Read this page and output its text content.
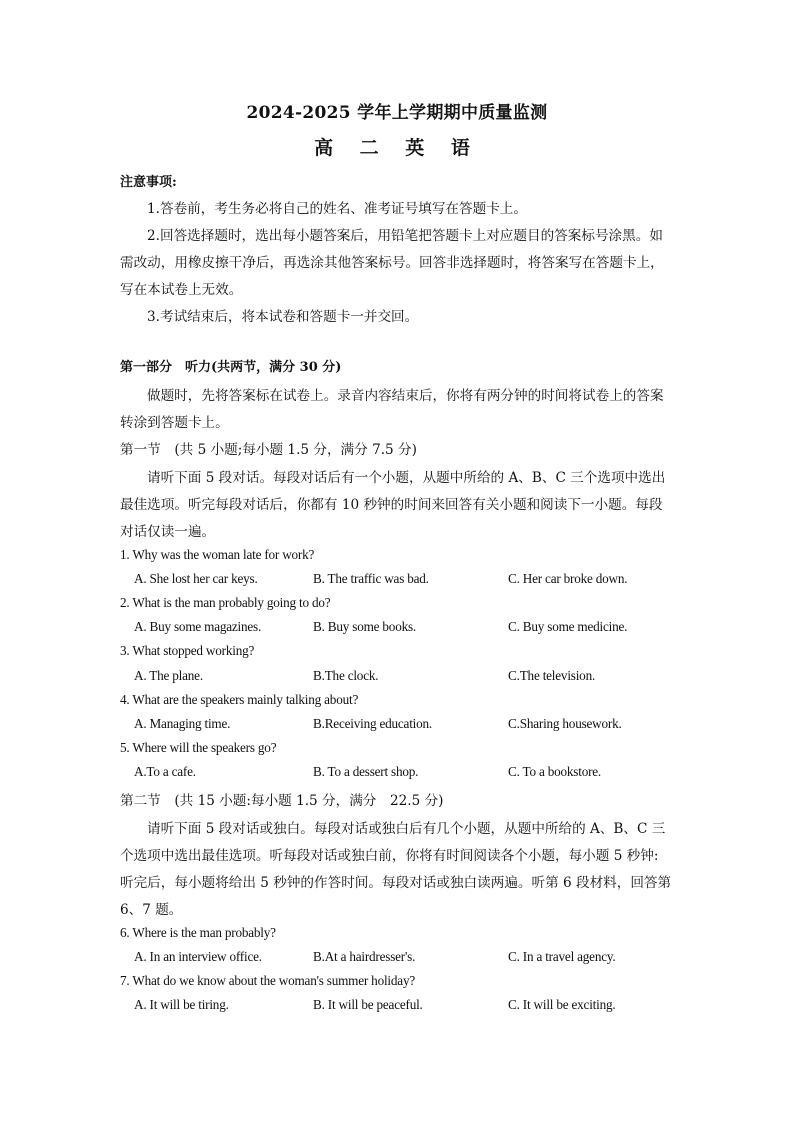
2024-2025 学年上学期期中质量监测
高 二 英 语
注意事项:
1.答卷前，考生务必将自己的姓名、准考证号填写在答题卡上。
2.回答选择题时，选出每小题答案后，用铅笔把答题卡上对应题目的答案标号涂黑。如
需改动，用橡皮擦干净后，再选涂其他答案标号。回答非选择题时，将答案写在答题卡上，
写在本试卷上无效。
3.考试结束后，将本试卷和答题卡一并交回。
第一部分　听力(共两节，满分 30 分)
做题时，先将答案标在试卷上。录音内容结束后，你将有两分钟的时间将试卷上的答案
转涂到答题卡上。
第一节　(共 5 小题;每小题 1.5 分，满分 7.5 分)
请听下面 5 段对话。每段对话后有一个小题，从题中所给的 A、B、C 三个选项中选出
最佳选项。听完每段对话后，你都有 10 秒钟的时间来回答有关小题和阅读下一小题。每段
对话仅读一遍。
1. Why was the woman late for work?
A. She lost her car keys.	B. The traffic was bad.	C. Her car broke down.
2. What is the man probably going to do?
A. Buy some magazines.	B. Buy some books.	C. Buy some medicine.
3. What stopped working?
A. The plane.	B.The clock.	C.The television.
4. What are the speakers mainly talking about?
A. Managing time.	B.Receiving education.	C.Sharing housework.
5. Where will the speakers go?
A.To a cafe.	B. To a dessert shop.	C. To a bookstore.
第二节　(共 15 小题:每小题 1.5 分，满分　22.5 分)
请听下面 5 段对话或独白。每段对话或独白后有几个小题，从题中所给的 A、B、C 三
个选项中选出最佳选项。听每段对话或独白前，你将有时间阅读各个小题，每小题 5 秒钟:
听完后，每小题将给出 5 秒钟的作答时间。每段对话或独白读两遍。听第 6 段材料，回答第
6、7 题。
6. Where is the man probably?
A. In an interview office.	B.At a hairdresser's.	C. In a travel agency.
7. What do we know about the woman's summer holiday?
A. It will be tiring.	B. It will be peaceful.	C. It will be exciting.
